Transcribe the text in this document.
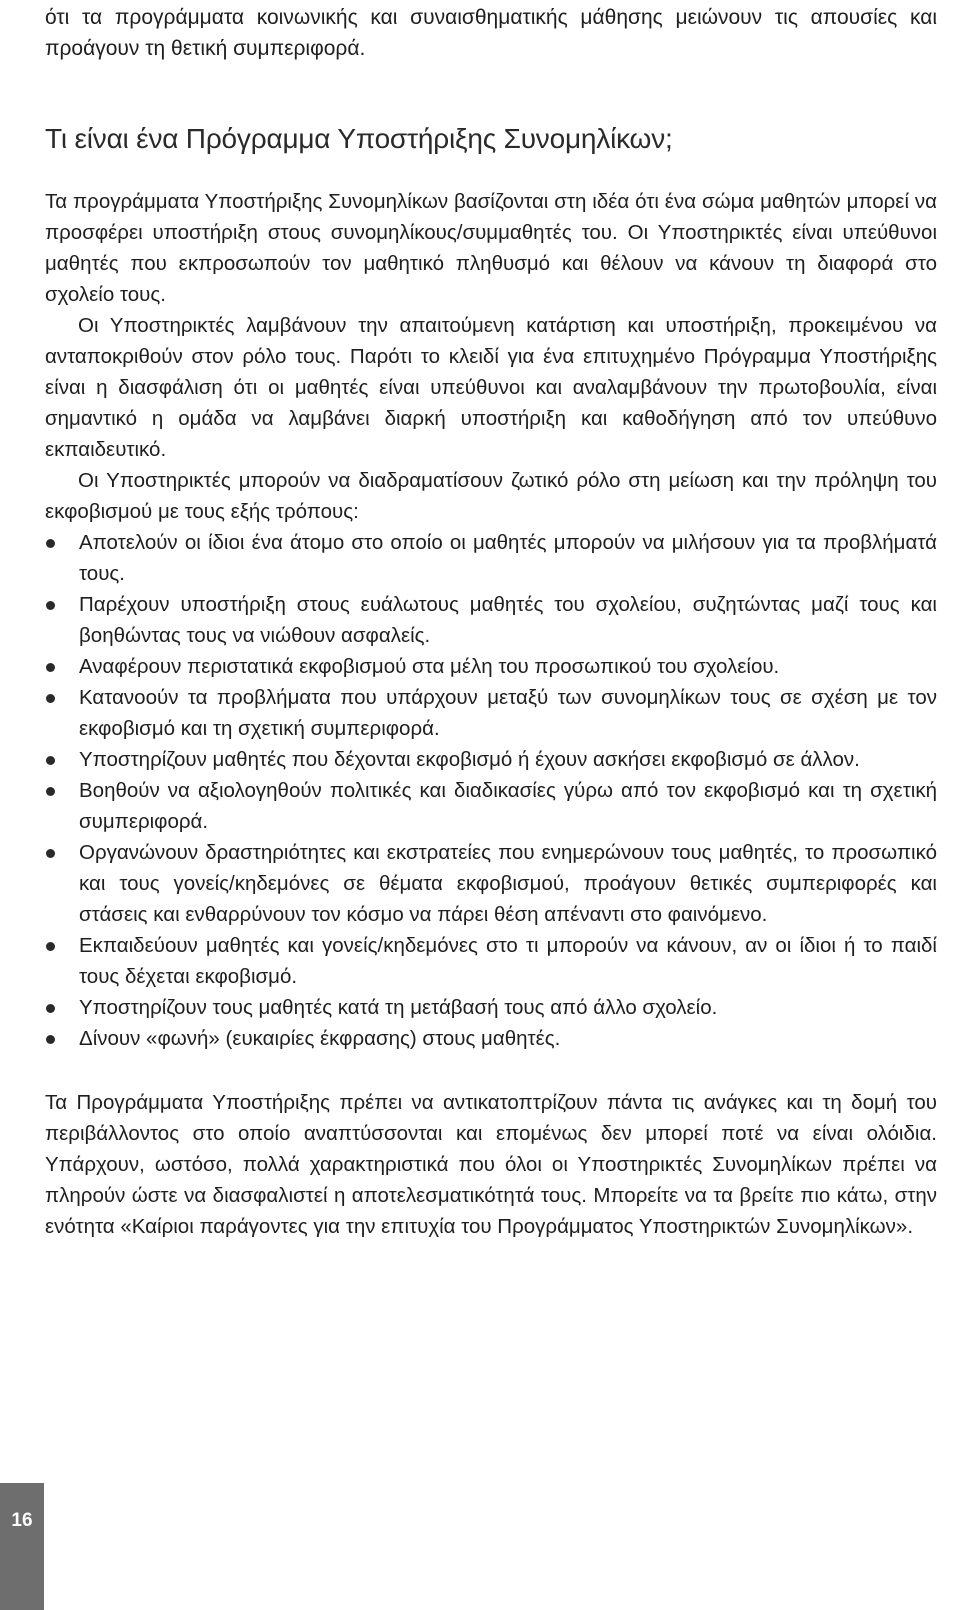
ότι τα προγράμματα κοινωνικής και συναισθηματικής μάθησης μειώνουν τις απουσίες και προάγουν τη θετική συμπεριφορά.

Τι είναι ένα Πρόγραμμα Υποστήριξης Συνομηλίκων;

Τα προγράμματα Υποστήριξης Συνομηλίκων βασίζονται στη ιδέα ότι ένα σώμα μαθητών μπορεί να προσφέρει υποστήριξη στους συνομηλίκους/συμμαθητές του. Οι Υποστηρικτές είναι υπεύθυνοι μαθητές που εκπροσωπούν τον μαθητικό πληθυσμό και θέλουν να κάνουν τη διαφορά στο σχολείο τους.

Οι Υποστηρικτές λαμβάνουν την απαιτούμενη κατάρτιση και υποστήριξη, προκειμένου να ανταποκριθούν στον ρόλο τους. Παρότι το κλειδί για ένα επιτυχημένο Πρόγραμμα Υποστήριξης είναι η διασφάλιση ότι οι μαθητές είναι υπεύθυνοι και αναλαμβάνουν την πρωτοβουλία, είναι σημαντικό η ομάδα να λαμβάνει διαρκή υποστήριξη και καθοδήγηση από τον υπεύθυνο εκπαιδευτικό.

Οι Υποστηρικτές μπορούν να διαδραματίσουν ζωτικό ρόλο στη μείωση και την πρόληψη του εκφοβισμού με τους εξής τρόπους:

Αποτελούν οι ίδιοι ένα άτομο στο οποίο οι μαθητές μπορούν να μιλήσουν για τα προβλήματά τους.
Παρέχουν υποστήριξη στους ευάλωτους μαθητές του σχολείου, συζητώντας μαζί τους και βοηθώντας τους να νιώθουν ασφαλείς.
Αναφέρουν περιστατικά εκφοβισμού στα μέλη του προσωπικού του σχολείου.
Κατανοούν τα προβλήματα που υπάρχουν μεταξύ των συνομηλίκων τους σε σχέση με τον εκφοβισμό και τη σχετική συμπεριφορά.
Υποστηρίζουν μαθητές που δέχονται εκφοβισμό ή έχουν ασκήσει εκφοβισμό σε άλλον.
Βοηθούν να αξιολογηθούν πολιτικές και διαδικασίες γύρω από τον εκφοβισμό και τη σχετική συμπεριφορά.
Οργανώνουν δραστηριότητες και εκστρατείες που ενημερώνουν τους μαθητές, το προσωπικό και τους γονείς/κηδεμόνες σε θέματα εκφοβισμού, προάγουν θετικές συμπεριφορές και στάσεις και ενθαρρύνουν τον κόσμο να πάρει θέση απέναντι στο φαινόμενο.
Εκπαιδεύουν μαθητές και γονείς/κηδεμόνες στο τι μπορούν να κάνουν, αν οι ίδιοι ή το παιδί τους δέχεται εκφοβισμό.
Υποστηρίζουν τους μαθητές κατά τη μετάβασή τους από άλλο σχολείο.
Δίνουν «φωνή» (ευκαιρίες έκφρασης) στους μαθητές.

Τα Προγράμματα Υποστήριξης πρέπει να αντικατοπτρίζουν πάντα τις ανάγκες και τη δομή του περιβάλλοντος στο οποίο αναπτύσσονται και επομένως δεν μπορεί ποτέ να είναι ολόιδια. Υπάρχουν, ωστόσο, πολλά χαρακτηριστικά που όλοι οι Υποστηρικτές Συνομηλίκων πρέπει να πληρούν ώστε να διασφαλιστεί η αποτελεσματικότητά τους. Μπορείτε να τα βρείτε πιο κάτω, στην ενότητα «Καίριοι παράγοντες για την επιτυχία του Προγράμματος Υποστηρικτών Συνομηλίκων».

16
